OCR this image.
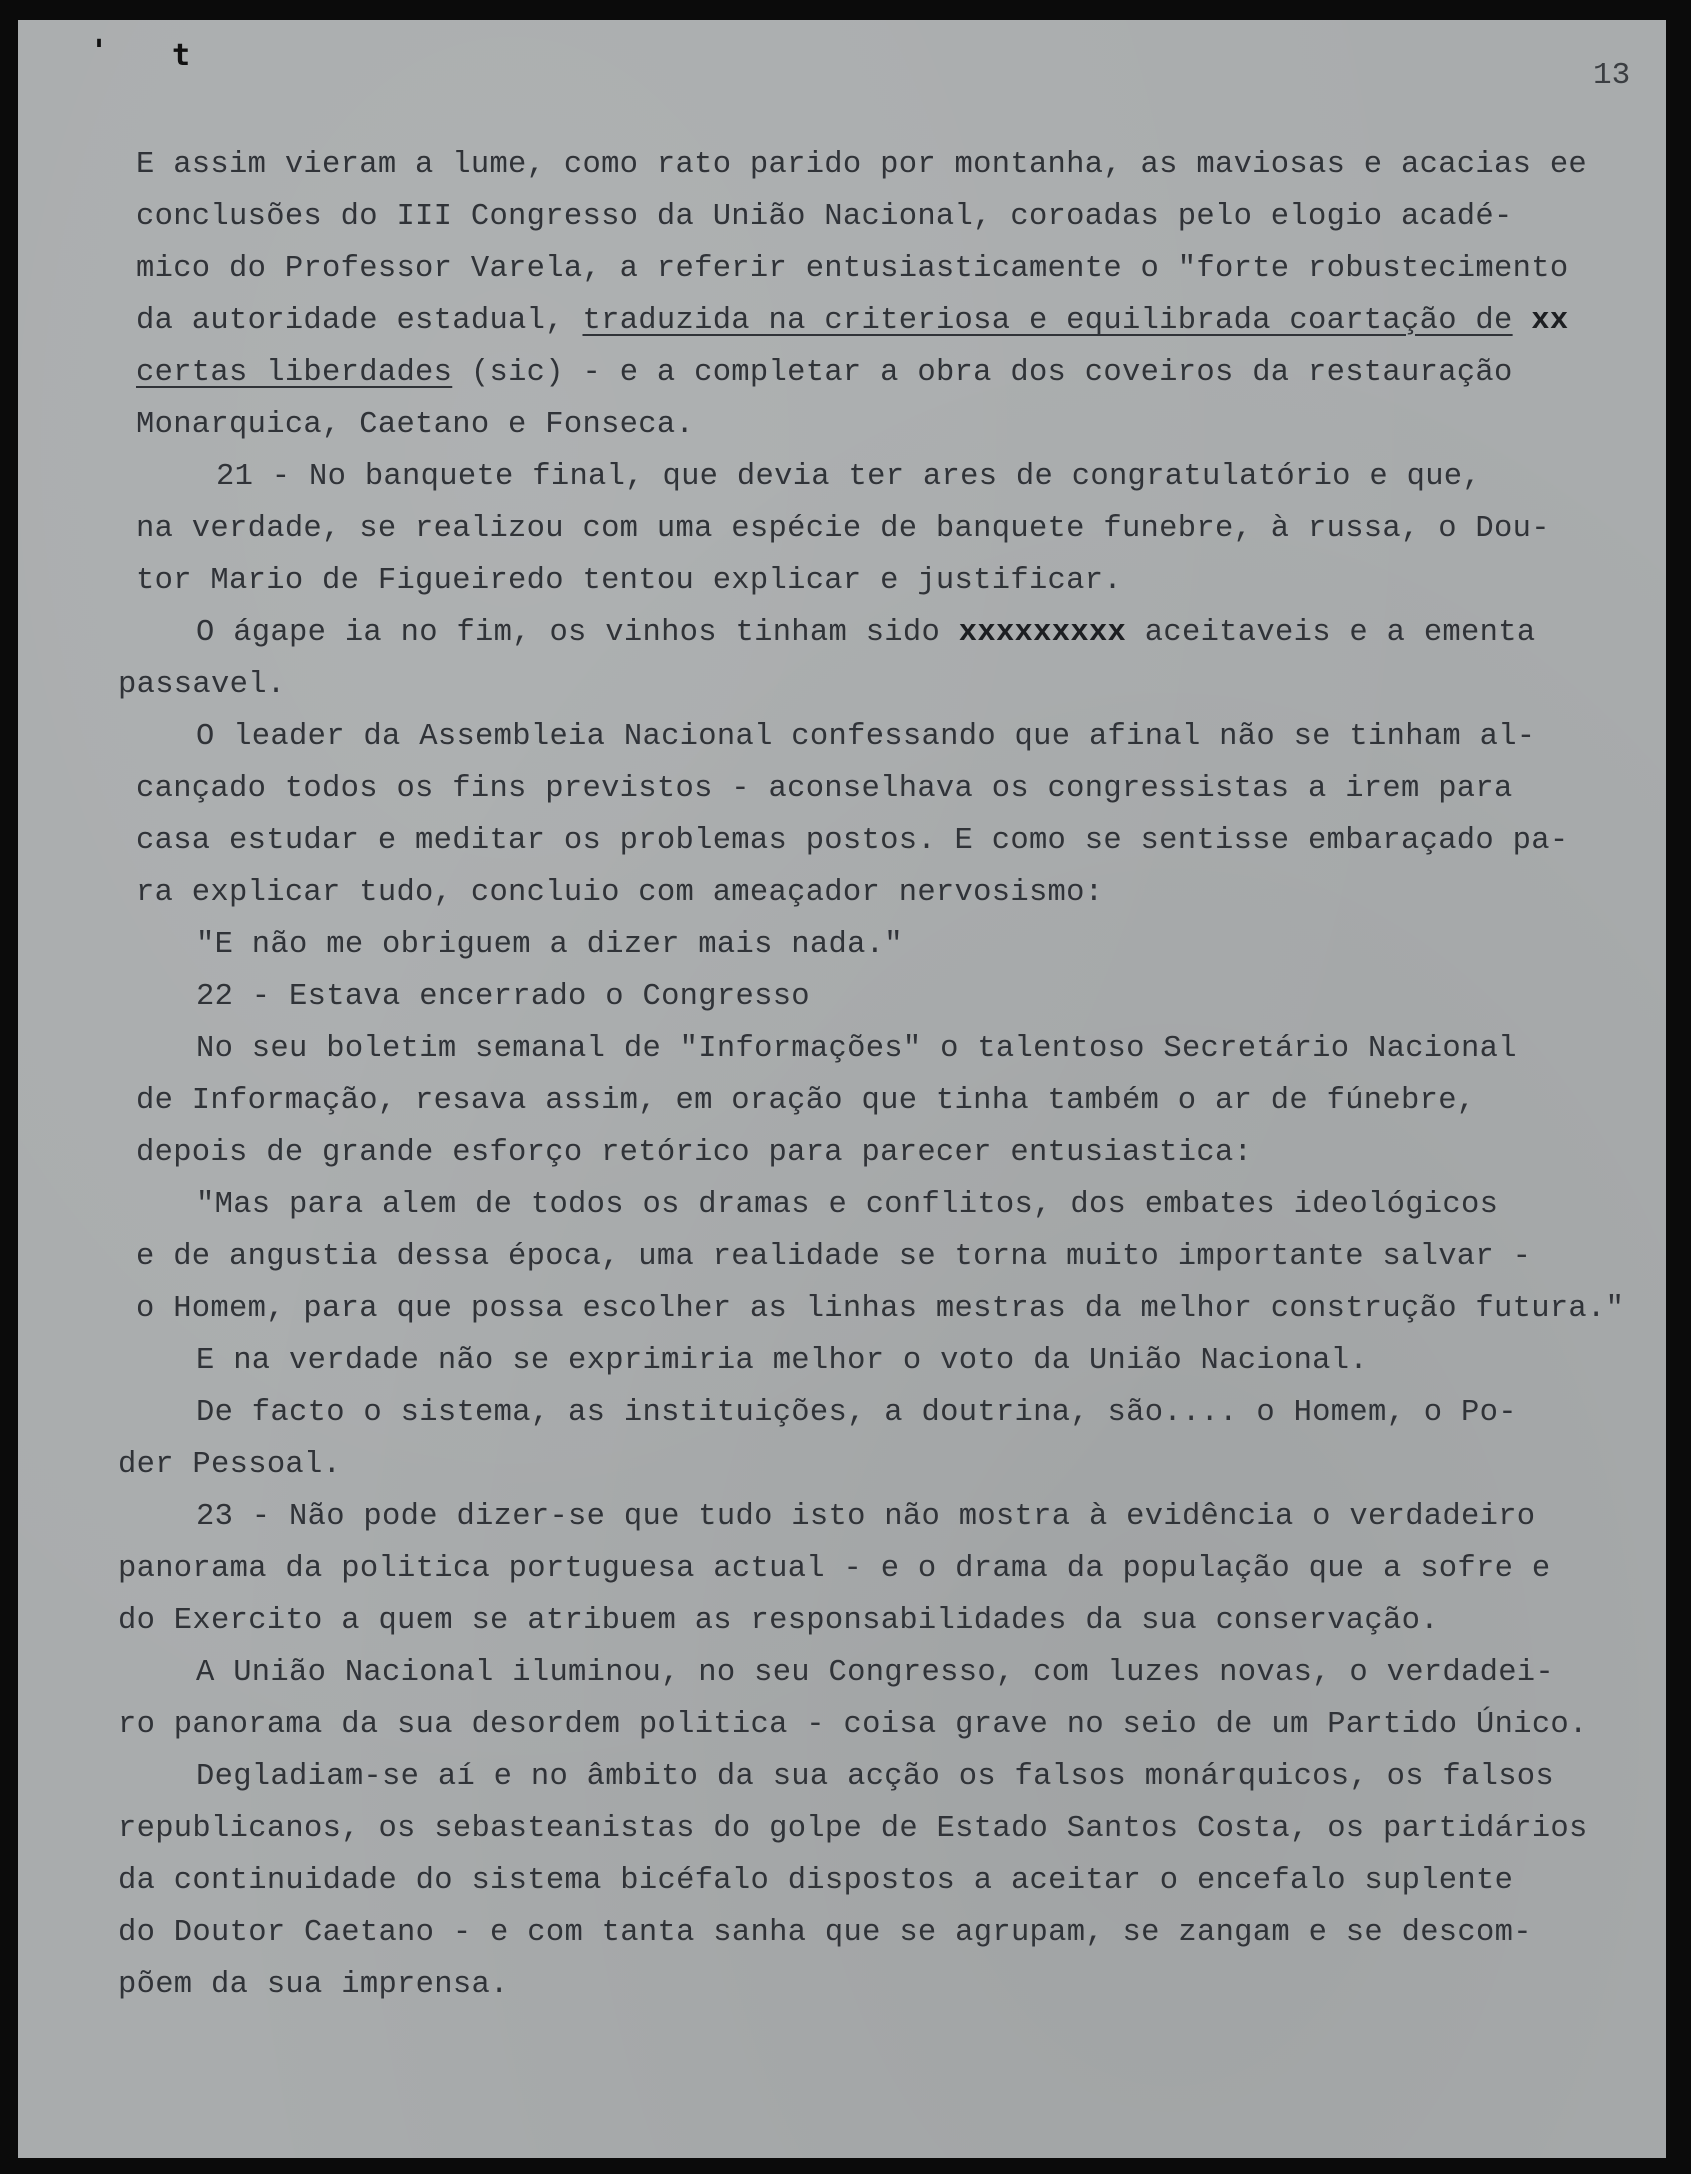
' t
13

E assim vieram a lume, como rato parido por montanha, as maviosas e acacias ee

conclusões do III Congresso da União Nacional, coroadas pelo elogio acadé-

mico do Professor Varela, a referir entusiasticamente o "forte robustecimento

da autoridade estadual, traduzida na criteriosa e equilibrada coartação de xx

certas liberdades (sic) - e a completar a obra dos coveiros da restauração

Monarquica, Caetano e Fonseca.

21 - No banquete final, que devia ter ares de congratulatório e que,

na verdade, se realizou com uma espécie de banquete funebre, à russa, o Dou-

tor Mario de Figueiredo tentou explicar e justificar.

O ágape ia no fim, os vinhos tinham sido xxxxxxxxx aceitaveis e a ementa

passavel.

O leader da Assembleia Nacional confessando que afinal não se tinham al-

cançado todos os fins previstos - aconselhava os congressistas a irem para

casa estudar e meditar os problemas postos. E como se sentisse embaraçado pa-

ra explicar tudo, concluio com ameaçador nervosismo:

"E não me obriguem a dizer mais nada."

22 - Estava encerrado o Congresso

No seu boletim semanal de "Informações" o talentoso Secretário Nacional

de Informação, resava assim, em oração que tinha também o ar de fúnebre,

depois de grande esforço retórico para parecer entusiastica:

"Mas para alem de todos os dramas e conflitos, dos embates ideológicos

e de angustia dessa época, uma realidade se torna muito importante salvar -

o Homem, para que possa escolher as linhas mestras da melhor construção futura."

E na verdade não se exprimiria melhor o voto da União Nacional.

De facto o sistema, as instituições, a doutrina, são.... o Homem, o Po-

der Pessoal.

23 - Não pode dizer-se que tudo isto não mostra à evidência o verdadeiro

panorama da politica portuguesa actual - e o drama da população que a sofre e

do Exercito a quem se atribuem as responsabilidades da sua conservação.

A União Nacional iluminou, no seu Congresso, com luzes novas, o verdadei-

ro panorama da sua desordem politica - coisa grave no seio de um Partido Único.

Degladiam-se aí e no âmbito da sua acção os falsos monárquicos, os falsos

republicanos, os sebasteanistas do golpe de Estado Santos Costa, os partidários

da continuidade do sistema bicéfalo dispostos a aceitar o encefalo suplente

do Doutor Caetano - e com tanta sanha que se agrupam, se zangam e se descom-

põem da sua imprensa.
